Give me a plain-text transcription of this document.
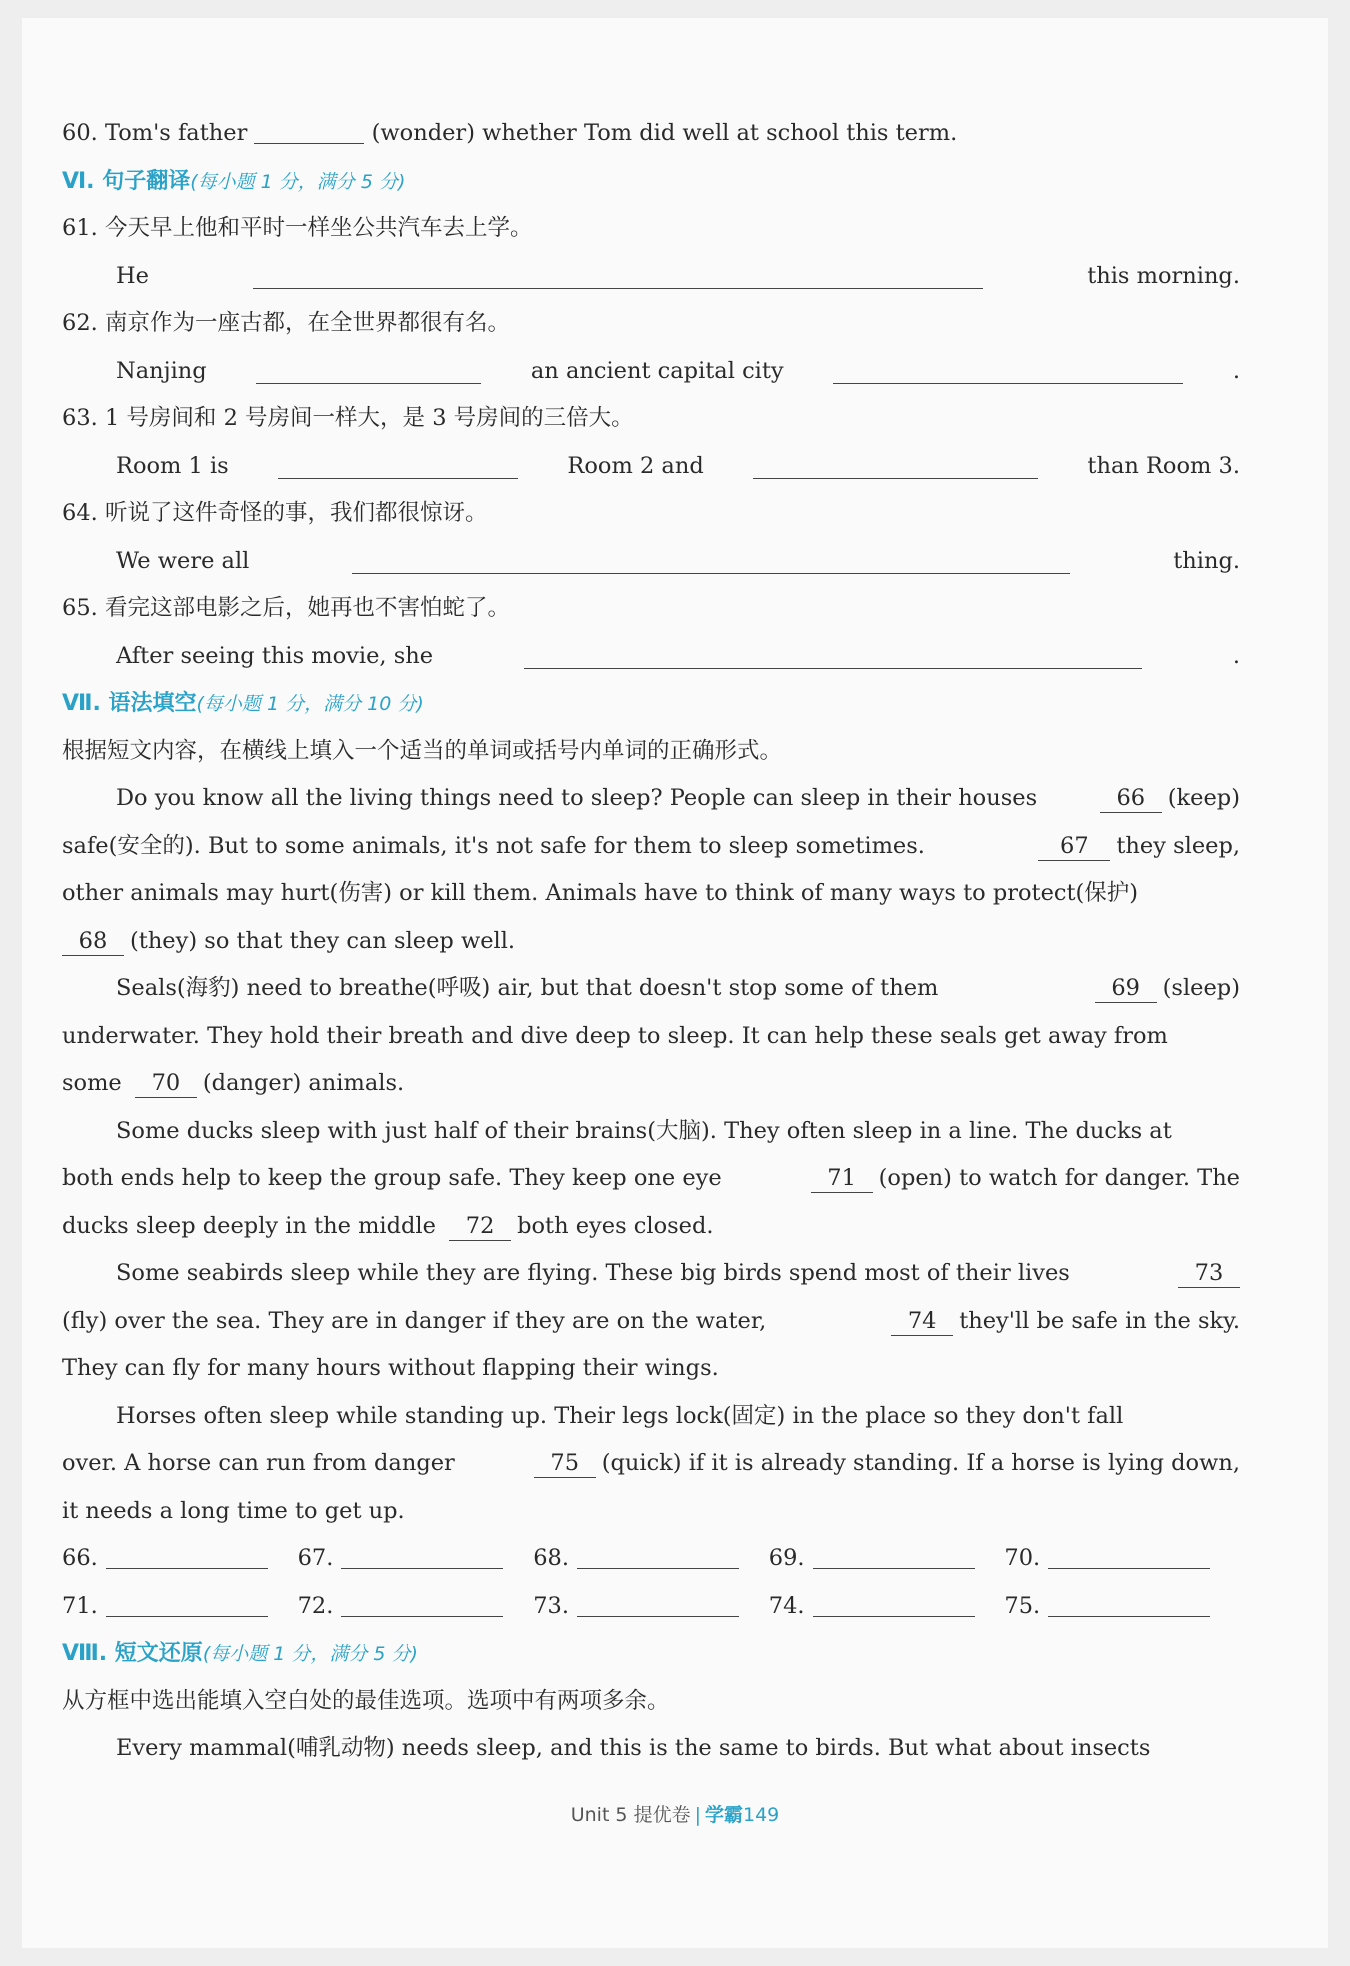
60. Tom's father	(wonder) whether Tom did well at school this term.
Ⅵ. 句子翻译(每小题 1 分，满分 5 分)
61. 今天早上他和平时一样坐公共汽车去上学。
He	this morning.
62. 南京作为一座古都，在全世界都很有名。
Nanjing	an ancient capital city	.
63. 1 号房间和 2 号房间一样大，是 3 号房间的三倍大。
Room 1 is	Room 2 and	than Room 3.
64. 听说了这件奇怪的事，我们都很惊讶。
We were all	thing.
65. 看完这部电影之后，她再也不害怕蛇了。
After seeing this movie, she	.
Ⅶ. 语法填空(每小题 1 分，满分 10 分)
根据短文内容，在横线上填入一个适当的单词或括号内单词的正确形式。
Do you know all the living things need to sleep? People can sleep in their houses	66 (keep)
safe(安全的). But to some animals, it's not safe for them to sleep sometimes.	67 they sleep,
other animals may hurt(伤害) or kill them. Animals have to think of many ways to protect(保护)
68 (they) so that they can sleep well.
Seals(海豹) need to breathe(呼吸) air, but that doesn't stop some of them	69 (sleep)
underwater. They hold their breath and dive deep to sleep. It can help these seals get away from
some 70 (danger) animals.
Some ducks sleep with just half of their brains(大脑). They often sleep in a line. The ducks at
both ends help to keep the group safe. They keep one eye	71 (open) to watch for danger. The
ducks sleep deeply in the middle 72 both eyes closed.
Some seabirds sleep while they are flying. These big birds spend most of their lives	73
(fly) over the sea. They are in danger if they are on the water,	74 they'll be safe in the sky.
They can fly for many hours without flapping their wings.
Horses often sleep while standing up. Their legs lock(固定) in the place so they don't fall
over. A horse can run from danger	75 (quick) if it is already standing. If a horse is lying down,
it needs a long time to get up.
66.	67.	68.	69.	70.
71.	72.	73.	74.	75.
Ⅷ. 短文还原(每小题 1 分，满分 5 分)
从方框中选出能填入空白处的最佳选项。选项中有两项多余。
Every mammal(哺乳动物) needs sleep, and this is the same to birds. But what about insects
Unit 5 提优卷 | 学霸149
